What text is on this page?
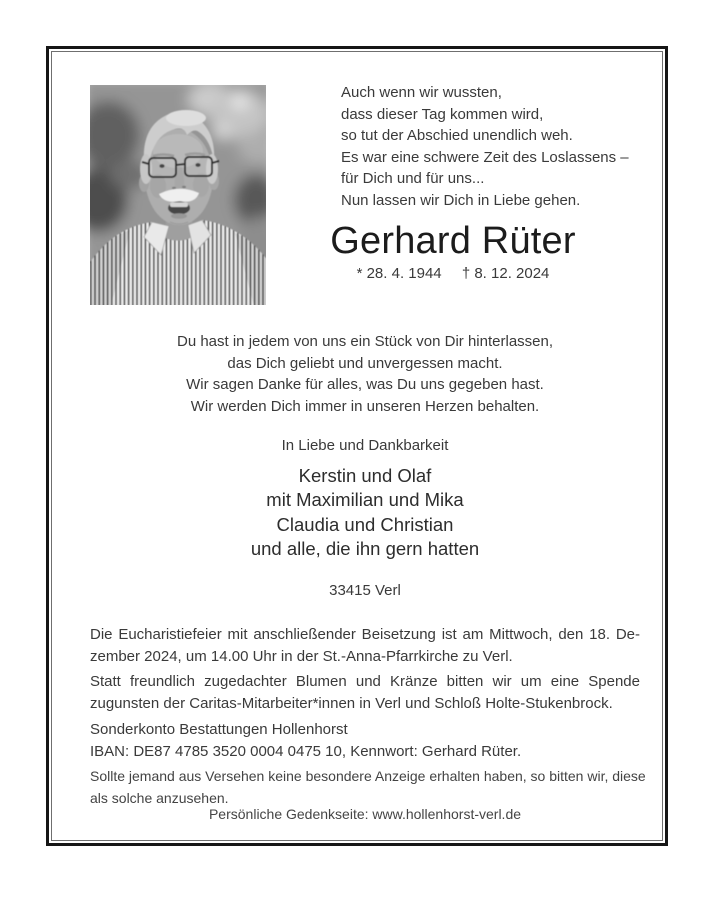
Auch wenn wir wussten,
dass dieser Tag kommen wird,
so tut der Abschied unendlich weh.
Es war eine schwere Zeit des Loslassens –
für Dich und für uns...
Nun lassen wir Dich in Liebe gehen.
Gerhard Rüter
* 28. 4. 1944 † 8. 12. 2024
Du hast in jedem von uns ein Stück von Dir hinterlassen,
das Dich geliebt und unvergessen macht.
Wir sagen Danke für alles, was Du uns gegeben hast.
Wir werden Dich immer in unseren Herzen behalten.
In Liebe und Dankbarkeit
Kerstin und Olaf
mit Maximilian und Mika
Claudia und Christian
und alle, die ihn gern hatten
33415 Verl
Die Eucharistiefeier mit anschließender Beisetzung ist am Mittwoch, den 18. De-
zember 2024, um 14.00 Uhr in der St.-Anna-Pfarrkirche zu Verl.
Statt freundlich zugedachter Blumen und Kränze bitten wir um eine Spende
zugunsten der Caritas-Mitarbeiter*innen in Verl und Schloß Holte-Stukenbrock.
Sonderkonto Bestattungen Hollenhorst
IBAN: DE87 4785 3520 0004 0475 10, Kennwort: Gerhard Rüter.
Sollte jemand aus Versehen keine besondere Anzeige erhalten haben, so bitten wir, diese
als solche anzusehen.
Persönliche Gedenkseite: www.hollenhorst-verl.de
